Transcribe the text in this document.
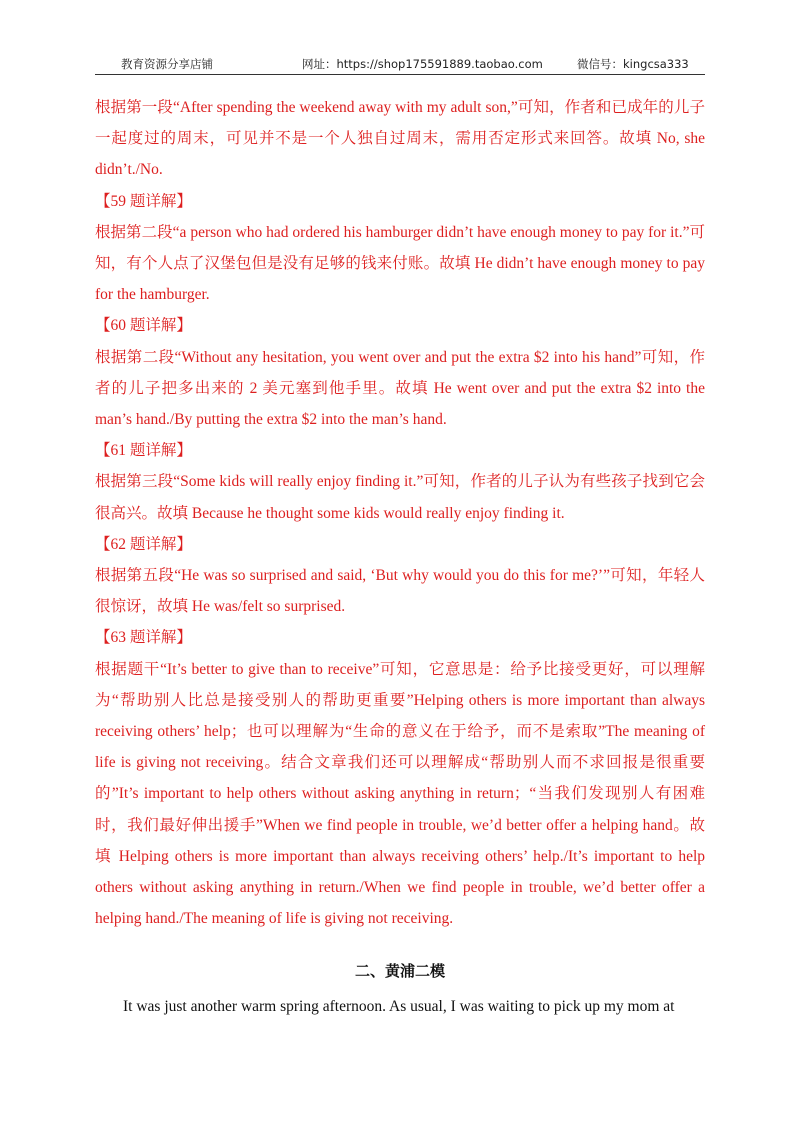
教育资源分享店铺	网址：https://shop175591889.taobao.com	微信号：kingcsa333

根据第一段“After spending the weekend away with my adult son,”可知，作者和已成年的儿子一起度过的周末，可见并不是一个人独自过周末，需用否定形式来回答。故填 No, she didn’t./No.

【59 题详解】

根据第二段“a person who had ordered his hamburger didn’t have enough money to pay for it.”可知，有个人点了汉堡包但是没有足够的钱来付账。故填 He didn’t have enough money to pay for the hamburger.

【60 题详解】

根据第二段“Without any hesitation, you went over and put the extra $2 into his hand”可知，作者的儿子把多出来的 2 美元塞到他手里。故填 He went over and put the extra $2 into the man’s hand./By putting the extra $2 into the man’s hand.

【61 题详解】

根据第三段“Some kids will really enjoy finding it.”可知，作者的儿子认为有些孩子找到它会很高兴。故填 Because he thought some kids would really enjoy finding it.

【62 题详解】

根据第五段“He was so surprised and said, ‘But why would you do this for me?’”可知，年轻人很惊讶，故填 He was/felt so surprised.

【63 题详解】

根据题干“It’s better to give than to receive”可知，它意思是：给予比接受更好，可以理解为“帮助别人比总是接受别人的帮助更重要”Helping others is more important than always receiving others’ help；也可以理解为“生命的意义在于给予，而不是索取”The meaning of life is giving not receiving。结合文章我们还可以理解成“帮助别人而不求回报是很重要的”It’s important to help others without asking anything in return；“当我们发现别人有困难时，我们最好伸出援手”When we find people in trouble, we’d better offer a helping hand。故填 Helping others is more important than always receiving others’ help./It’s important to help others without asking anything in return./When we find people in trouble, we’d better offer a helping hand./The meaning of life is giving not receiving.

二、黄浦二模
It was just another warm spring afternoon. As usual, I was waiting to pick up my mom at
